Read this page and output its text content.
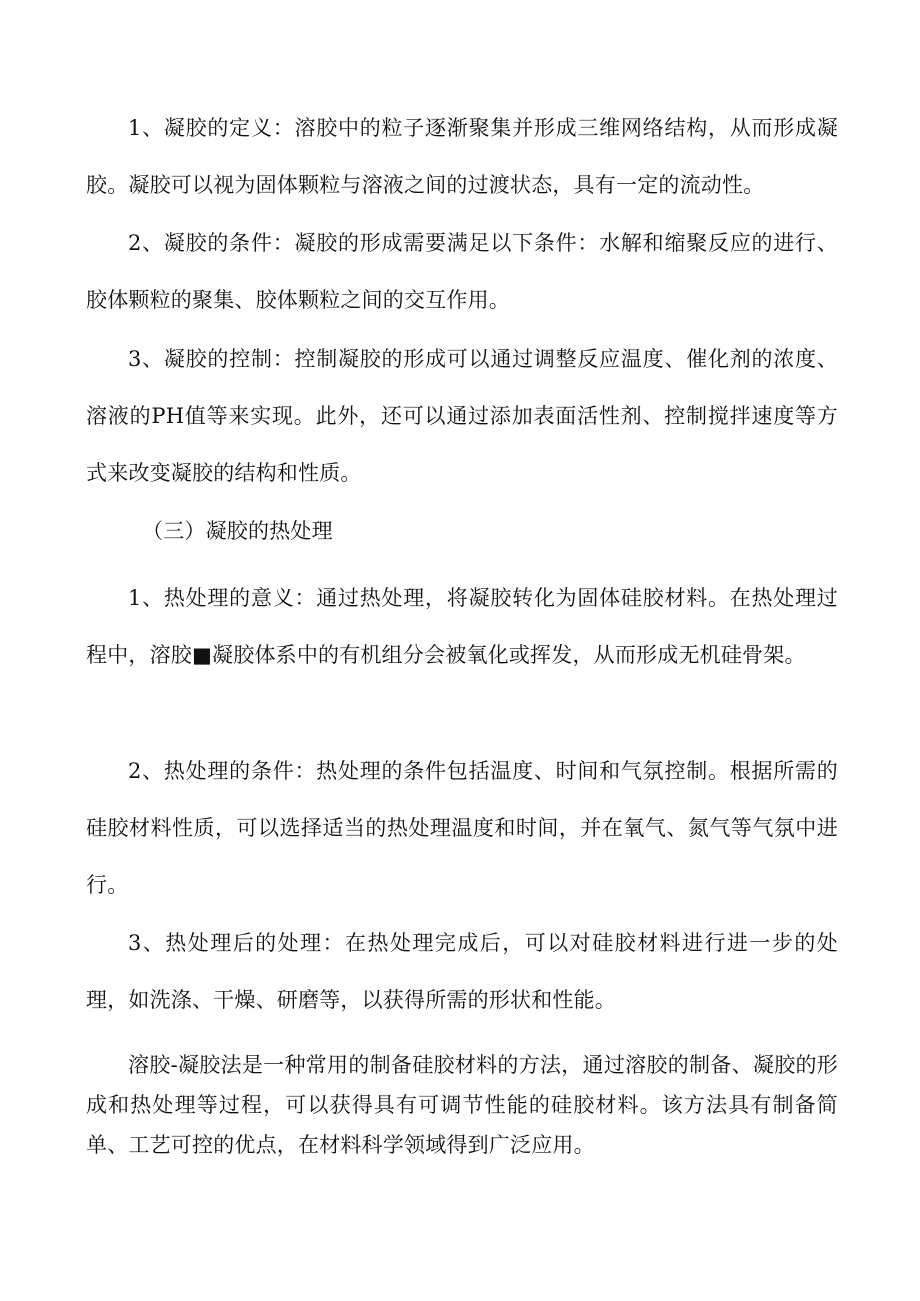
1、凝胶的定义：溶胶中的粒子逐渐聚集并形成三维网络结构，从而形成凝胶。凝胶可以视为固体颗粒与溶液之间的过渡状态，具有一定的流动性。

2、凝胶的条件：凝胶的形成需要满足以下条件：水解和缩聚反应的进行、胶体颗粒的聚集、胶体颗粒之间的交互作用。

3、凝胶的控制：控制凝胶的形成可以通过调整反应温度、催化剂的浓度、溶液的PH值等来实现。此外，还可以通过添加表面活性剂、控制搅拌速度等方式来改变凝胶的结构和性质。

（三）凝胶的热处理

1、热处理的意义：通过热处理，将凝胶转化为固体硅胶材料。在热处理过程中，溶胶■凝胶体系中的有机组分会被氧化或挥发，从而形成无机硅骨架。

2、热处理的条件：热处理的条件包括温度、时间和气氛控制。根据所需的硅胶材料性质，可以选择适当的热处理温度和时间，并在氧气、氮气等气氛中进行。

3、热处理后的处理：在热处理完成后，可以对硅胶材料进行进一步的处理，如洗涤、干燥、研磨等，以获得所需的形状和性能。

溶胶-凝胶法是一种常用的制备硅胶材料的方法，通过溶胶的制备、凝胶的形成和热处理等过程，可以获得具有可调节性能的硅胶材料。该方法具有制备简单、工艺可控的优点，在材料科学领域得到广泛应用。
